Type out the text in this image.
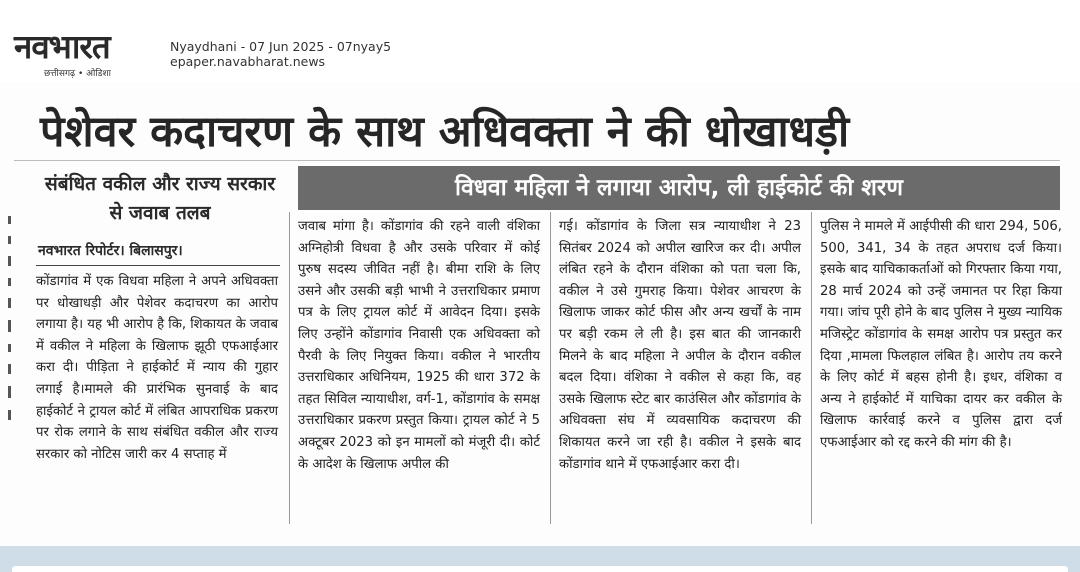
नवभारत
छत्तीसगढ़ • ओडिशा
Nyaydhani - 07 Jun 2025 - 07nyay5
epaper.navabharat.news
पेशेवर कदाचरण के साथ अधिवक्ता ने की धोखाधड़ी
संबंधित वकील और राज्य सरकार से जवाब तलब
विधवा महिला ने लगाया आरोप, ली हाईकोर्ट की शरण
नवभारत रिपोर्टर। बिलासपुर।
कोंडागांव में एक विधवा महिला ने अपने अधिवक्ता पर धोखाधड़ी और पेशेवर कदाचरण का आरोप लगाया है। यह भी आरोप है कि, शिकायत के जवाब में वकील ने महिला के खिलाफ झूठी एफआईआर करा दी। पीड़िता ने हाईकोर्ट में न्याय की गुहार लगाई है।मामले की प्रारंभिक सुनवाई के बाद हाईकोर्ट ने ट्रायल कोर्ट में लंबित आपराधिक प्रकरण पर रोक लगाने के साथ संबंधित वकील और राज्य सरकार को नोटिस जारी कर 4 सप्ताह में
जवाब मांगा है। कोंडागांव की रहने वाली वंशिका अग्निहोत्री विधवा है और उसके परिवार में कोई पुरुष सदस्य जीवित नहीं है। बीमा राशि के लिए उसने और उसकी बड़ी भाभी ने उत्तराधिकार प्रमाण पत्र के लिए ट्रायल कोर्ट में आवेदन दिया। इसके लिए उन्होंने कोंडागांव निवासी एक अधिवक्ता को पैरवी के लिए नियुक्त किया। वकील ने भारतीय उत्तराधिकार अधिनियम, 1925 की धारा 372 के तहत सिविल न्यायाधीश, वर्ग-1, कोंडागांव के समक्ष उत्तराधिकार प्रकरण प्रस्तुत किया। ट्रायल कोर्ट ने 5 अक्टूबर 2023 को इन मामलों को मंजूरी दी। कोर्ट के आदेश के खिलाफ अपील की
गई। कोंडागांव के जिला सत्र न्यायाधीश ने 23 सितंबर 2024 को अपील खारिज कर दी। अपील लंबित रहने के दौरान वंशिका को पता चला कि, वकील ने उसे गुमराह किया। पेशेवर आचरण के खिलाफ जाकर कोर्ट फीस और अन्य खर्चों के नाम पर बड़ी रकम ले ली है। इस बात की जानकारी मिलने के बाद महिला ने अपील के दौरान वकील बदल दिया। वंशिका ने वकील से कहा कि, वह उसके खिलाफ स्टेट बार काउंसिल और कोंडागांव के अधिवक्ता संघ में व्यवसायिक कदाचरण की शिकायत करने जा रही है। वकील ने इसके बाद कोंडागांव थाने में एफआईआर करा दी।
पुलिस ने मामले में आईपीसी की धारा 294, 506, 500, 341, 34 के तहत अपराध दर्ज किया। इसके बाद याचिकाकर्ताओं को गिरफ्तार किया गया, 28 मार्च 2024 को उन्हें जमानत पर रिहा किया गया। जांच पूरी होने के बाद पुलिस ने मुख्य न्यायिक मजिस्ट्रेट कोंडागांव के समक्ष आरोप पत्र प्रस्तुत कर दिया ,मामला फिलहाल लंबित है। आरोप तय करने के लिए कोर्ट में बहस होनी है। इधर, वंशिका व अन्य ने हाईकोर्ट में याचिका दायर कर वकील के खिलाफ कार्रवाई करने व पुलिस द्वारा दर्ज एफआईआर को रद्द करने की मांग की है।
